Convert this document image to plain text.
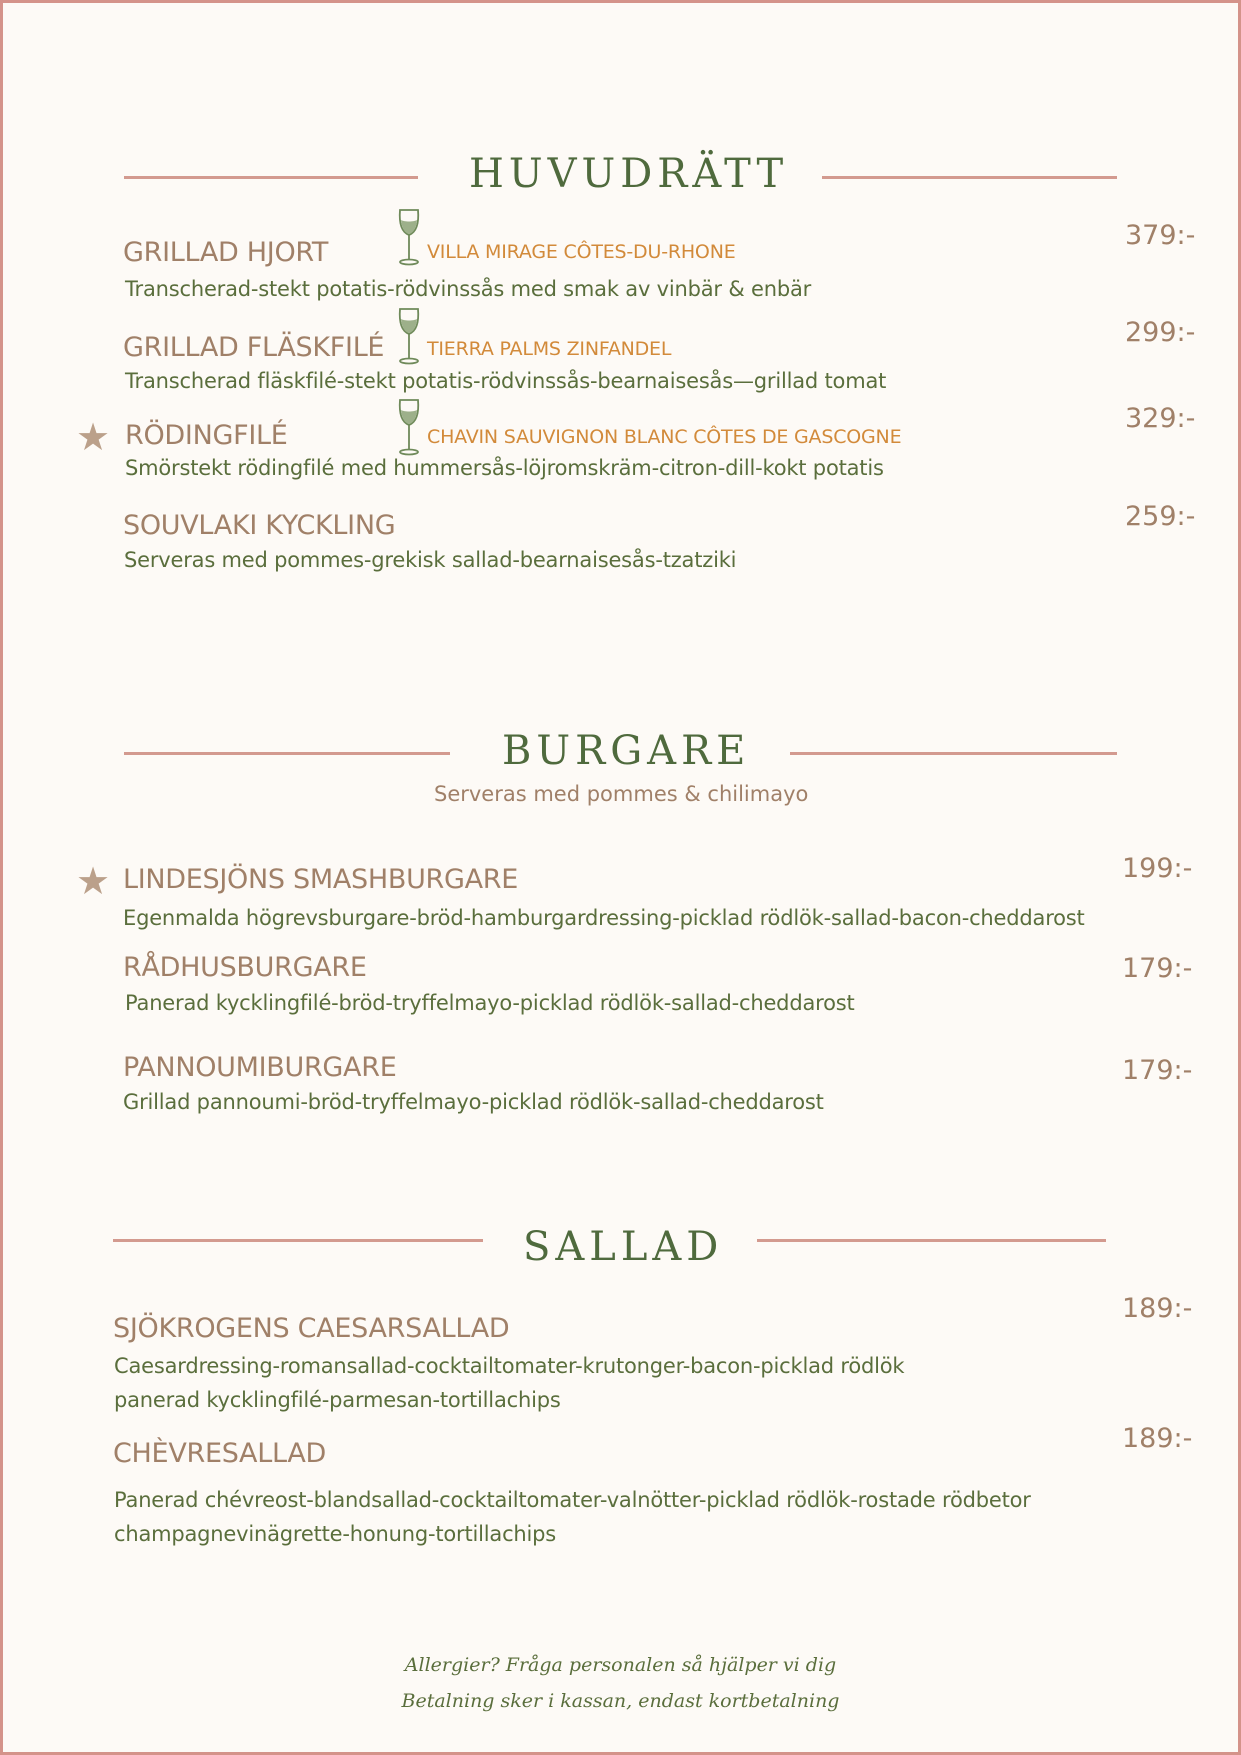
HUVUDRÄTT
GRILLAD HJORT	VILLA MIRAGE CÔTES-DU-RHONE
379:-
Transcherad-stekt potatis-rödvinssås med smak av vinbär & enbär
GRILLAD FLÄSKFILÉ TIERRA PALMS ZINFANDEL
299:-
Transcherad fläskfilé-stekt potatis-rödvinssås-bearnaisesås—grillad tomat
★ RÖDINGFILÉ	CHAVIN SAUVIGNON BLANC CÔTES DE GASCOGNE
329:-
Smörstekt rödingfilé med hummersås-löjromskräm-citron-dill-kokt potatis
SOUVLAKI KYCKLING	259:-
Serveras med pommes-grekisk sallad-bearnaisesås-tzatziki
BURGARE
Serveras med pommes & chilimayo
★ LINDESJÖNS SMASHBURGARE	199:-
Egenmalda högrevsburgare-bröd-hamburgardressing-picklad rödlök-sallad-bacon-cheddarost
RÅDHUSBURGARE	179:-
Panerad kycklingfilé-bröd-tryffelmayo-picklad rödlök-sallad-cheddarost
PANNOUMIBURGARE	179:-
Grillad pannoumi-bröd-tryffelmayo-picklad rödlök-sallad-cheddarost
SALLAD
SJÖKROGENS CAESARSALLAD
189:-
Caesardressing-romansallad-cocktailtomater-krutonger-bacon-picklad rödlök
panerad kycklingfilé-parmesan-tortillachips
CHÈVRESALLAD	189:-
Panerad chévreost-blandsallad-cocktailtomater-valnötter-picklad rödlök-rostade rödbetor
champagnevinägrette-honung-tortillachips
Allergier? Fråga personalen så hjälper vi dig
Betalning sker i kassan, endast kortbetalning
